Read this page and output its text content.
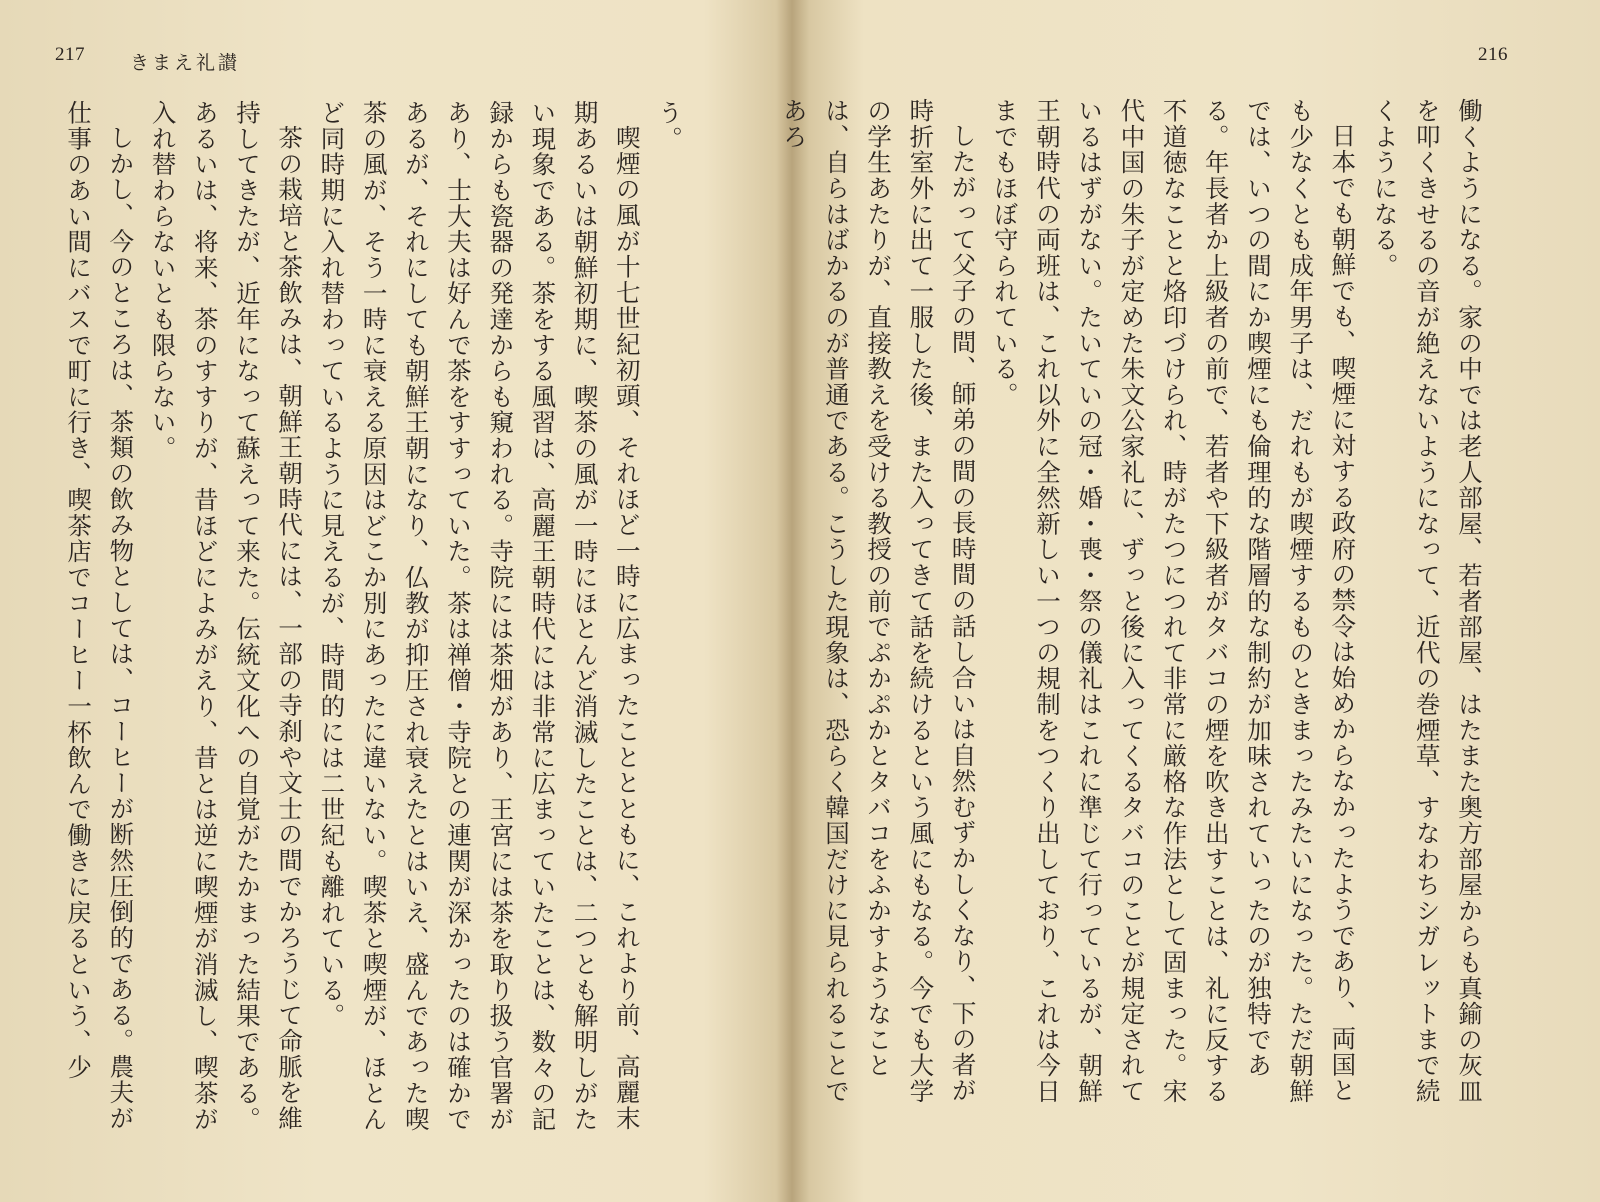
217 きまえ礼讃

う。

喫煙の風が十七世紀初頭、それほど一時に広まったこととともに、これより前、高麗末期あるいは朝鮮初期に、喫茶の風が一時にほとんど消滅したことは、二つとも解明しがたい現象である。茶をする風習は、高麗王朝時代には非常に広まっていたことは、数々の記録からも瓷器の発達からも窺われる。寺院には茶畑があり、王宮には茶を取り扱う官署があり、士大夫は好んで茶をすすっていた。茶は禅僧・寺院との連関が深かったのは確かであるが、それにしても朝鮮王朝になり、仏教が抑圧され衰えたとはいえ、盛んであった喫茶の風が、そう一時に衰える原因はどこか別にあったに違いない。喫茶と喫煙が、ほとんど同時期に入れ替わっているように見えるが、時間的には二世紀も離れている。

茶の栽培と茶飲みは、朝鮮王朝時代には、一部の寺刹や文士の間でかろうじて命脈を維持してきたが、近年になって蘇えって来た。伝統文化への自覚がたかまった結果である。あるいは、将来、茶のすすりが、昔ほどによみがえり、昔とは逆に喫煙が消滅し、喫茶が入れ替わらないとも限らない。

しかし、今のところは、茶類の飲み物としては、コーヒーが断然圧倒的である。農夫が仕事のあい間にバスで町に行き、喫茶店でコーヒー一杯飲んで働きに戻るという、少

216

働くようになる。家の中では老人部屋、若者部屋、はたまた奥方部屋からも真鍮の灰皿を叩くきせるの音が絶えないようになって、近代の巻煙草、すなわちシガレットまで続くようになる。

日本でも朝鮮でも、喫煙に対する政府の禁令は始めからなかったようであり、両国とも少なくとも成年男子は、だれもが喫煙するものときまったみたいになった。ただ朝鮮では、いつの間にか喫煙にも倫理的な階層的な制約が加味されていったのが独特である。年長者か上級者の前で、若者や下級者がタバコの煙を吹き出すことは、礼に反する不道徳なことと烙印づけられ、時がたつにつれて非常に厳格な作法として固まった。宋代中国の朱子が定めた朱文公家礼に、ずっと後に入ってくるタバコのことが規定されているはずがない。たいていの冠・婚・喪・祭の儀礼はこれに準じて行っているが、朝鮮王朝時代の両班は、これ以外に全然新しい一つの規制をつくり出しており、これは今日までもほぼ守られている。

したがって父子の間、師弟の間の長時間の話し合いは自然むずかしくなり、下の者が時折室外に出て一服した後、また入ってきて話を続けるという風にもなる。今でも大学の学生あたりが、直接教えを受ける教授の前でぷかぷかとタバコをふかすようなことは、自らはばかるのが普通である。こうした現象は、恐らく韓国だけに見られることであろ
